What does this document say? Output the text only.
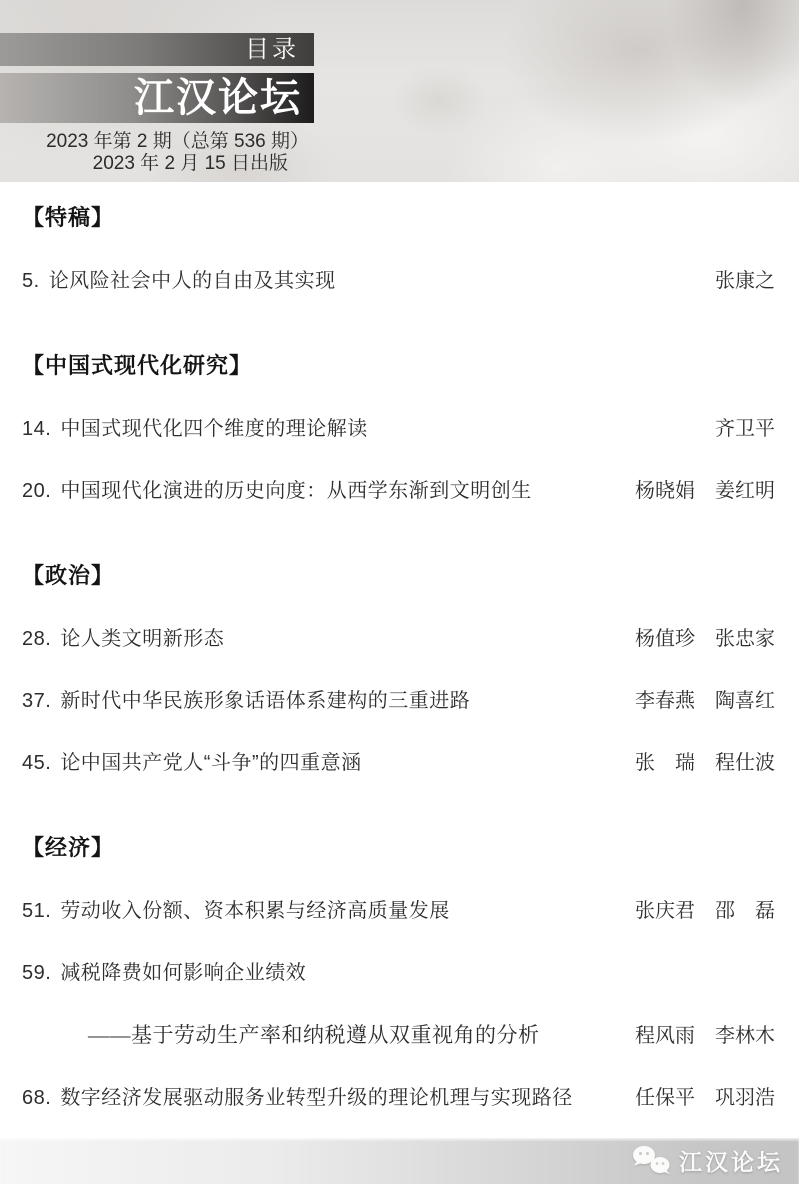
目录
江汉论坛
2023 年第 2 期（总第 536 期）
2023 年 2 月 15 日出版
【特稿】
5. 论风险社会中人的自由及其实现	张康之
【中国式现代化研究】
14. 中国式现代化四个维度的理论解读	齐卫平
20. 中国现代化演进的历史向度：从西学东渐到文明创生	杨晓娟　姜红明
【政治】
28. 论人类文明新形态	杨值珍　张忠家
37. 新时代中华民族形象话语体系建构的三重进路	李春燕　陶喜红
45. 论中国共产党人“斗争”的四重意涵	张　瑞　程仕波
【经济】
51. 劳动收入份额、资本积累与经济高质量发展	张庆君　邵　磊
59. 减税降费如何影响企业绩效
——基于劳动生产率和纳税遵从双重视角的分析	程风雨　李林木
68. 数字经济发展驱动服务业转型升级的理论机理与实现路径	任保平　巩羽浩
江汉论坛
